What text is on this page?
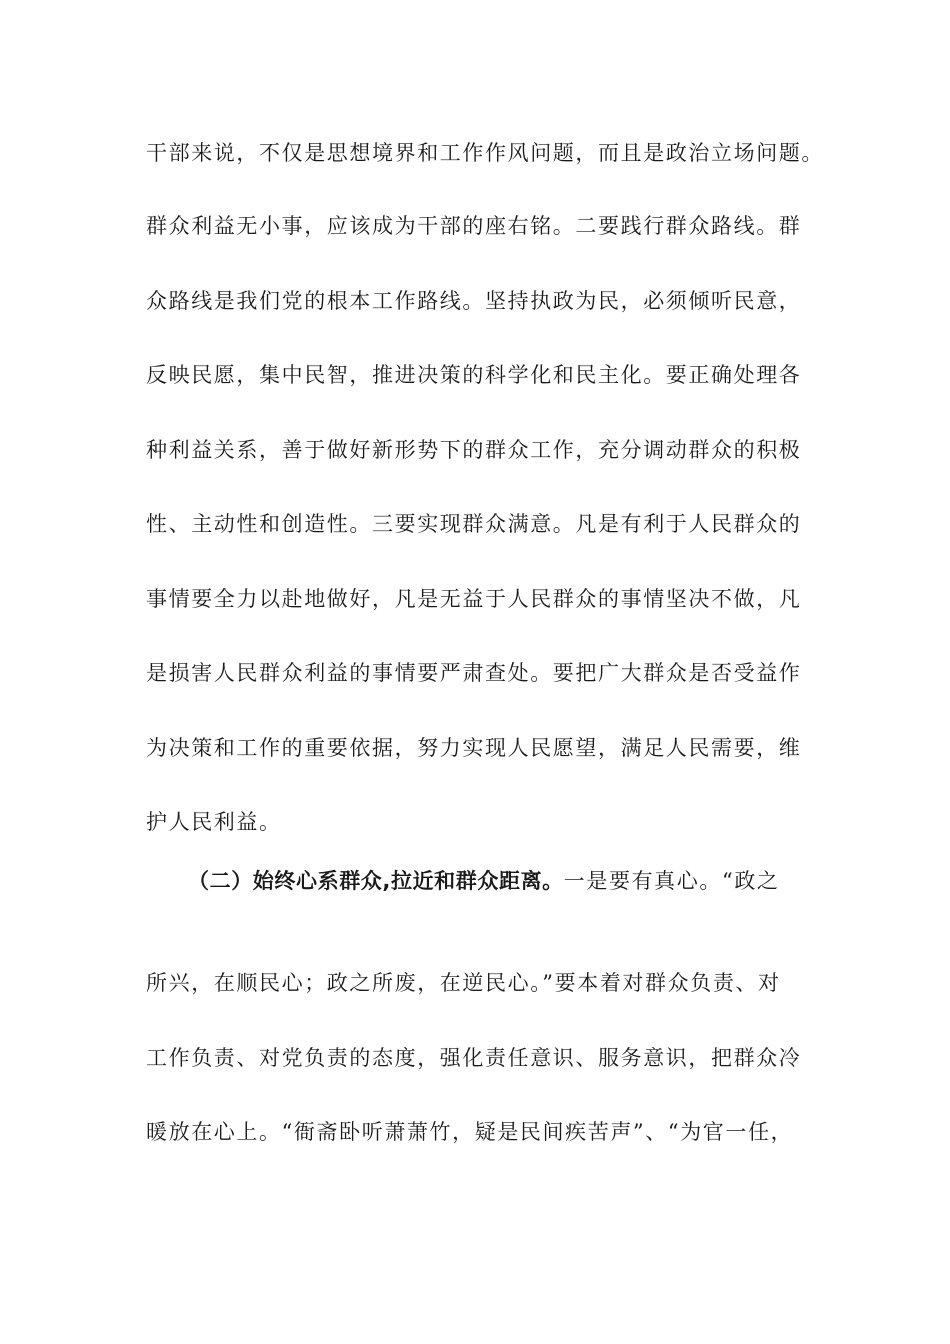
干部来说，不仅是思想境界和工作作风问题，而且是政治立场问题。
群众利益无小事，应该成为干部的座右铭。二要践行群众路线。群
众路线是我们党的根本工作路线。坚持执政为民，必须倾听民意，
反映民愿，集中民智，推进决策的科学化和民主化。要正确处理各
种利益关系，善于做好新形势下的群众工作，充分调动群众的积极
性、主动性和创造性。三要实现群众满意。凡是有利于人民群众的
事情要全力以赴地做好，凡是无益于人民群众的事情坚决不做，凡
是损害人民群众利益的事情要严肃查处。要把广大群众是否受益作
为决策和工作的重要依据，努力实现人民愿望，满足人民需要，维
护人民利益。
（二）始终心系群众,拉近和群众距离。一是要有真心。“政之
所兴，在顺民心；政之所废，在逆民心。”要本着对群众负责、对
工作负责、对党负责的态度，强化责任意识、服务意识，把群众冷
暖放在心上。“衙斋卧听萧萧竹，疑是民间疾苦声”、“为官一任，
